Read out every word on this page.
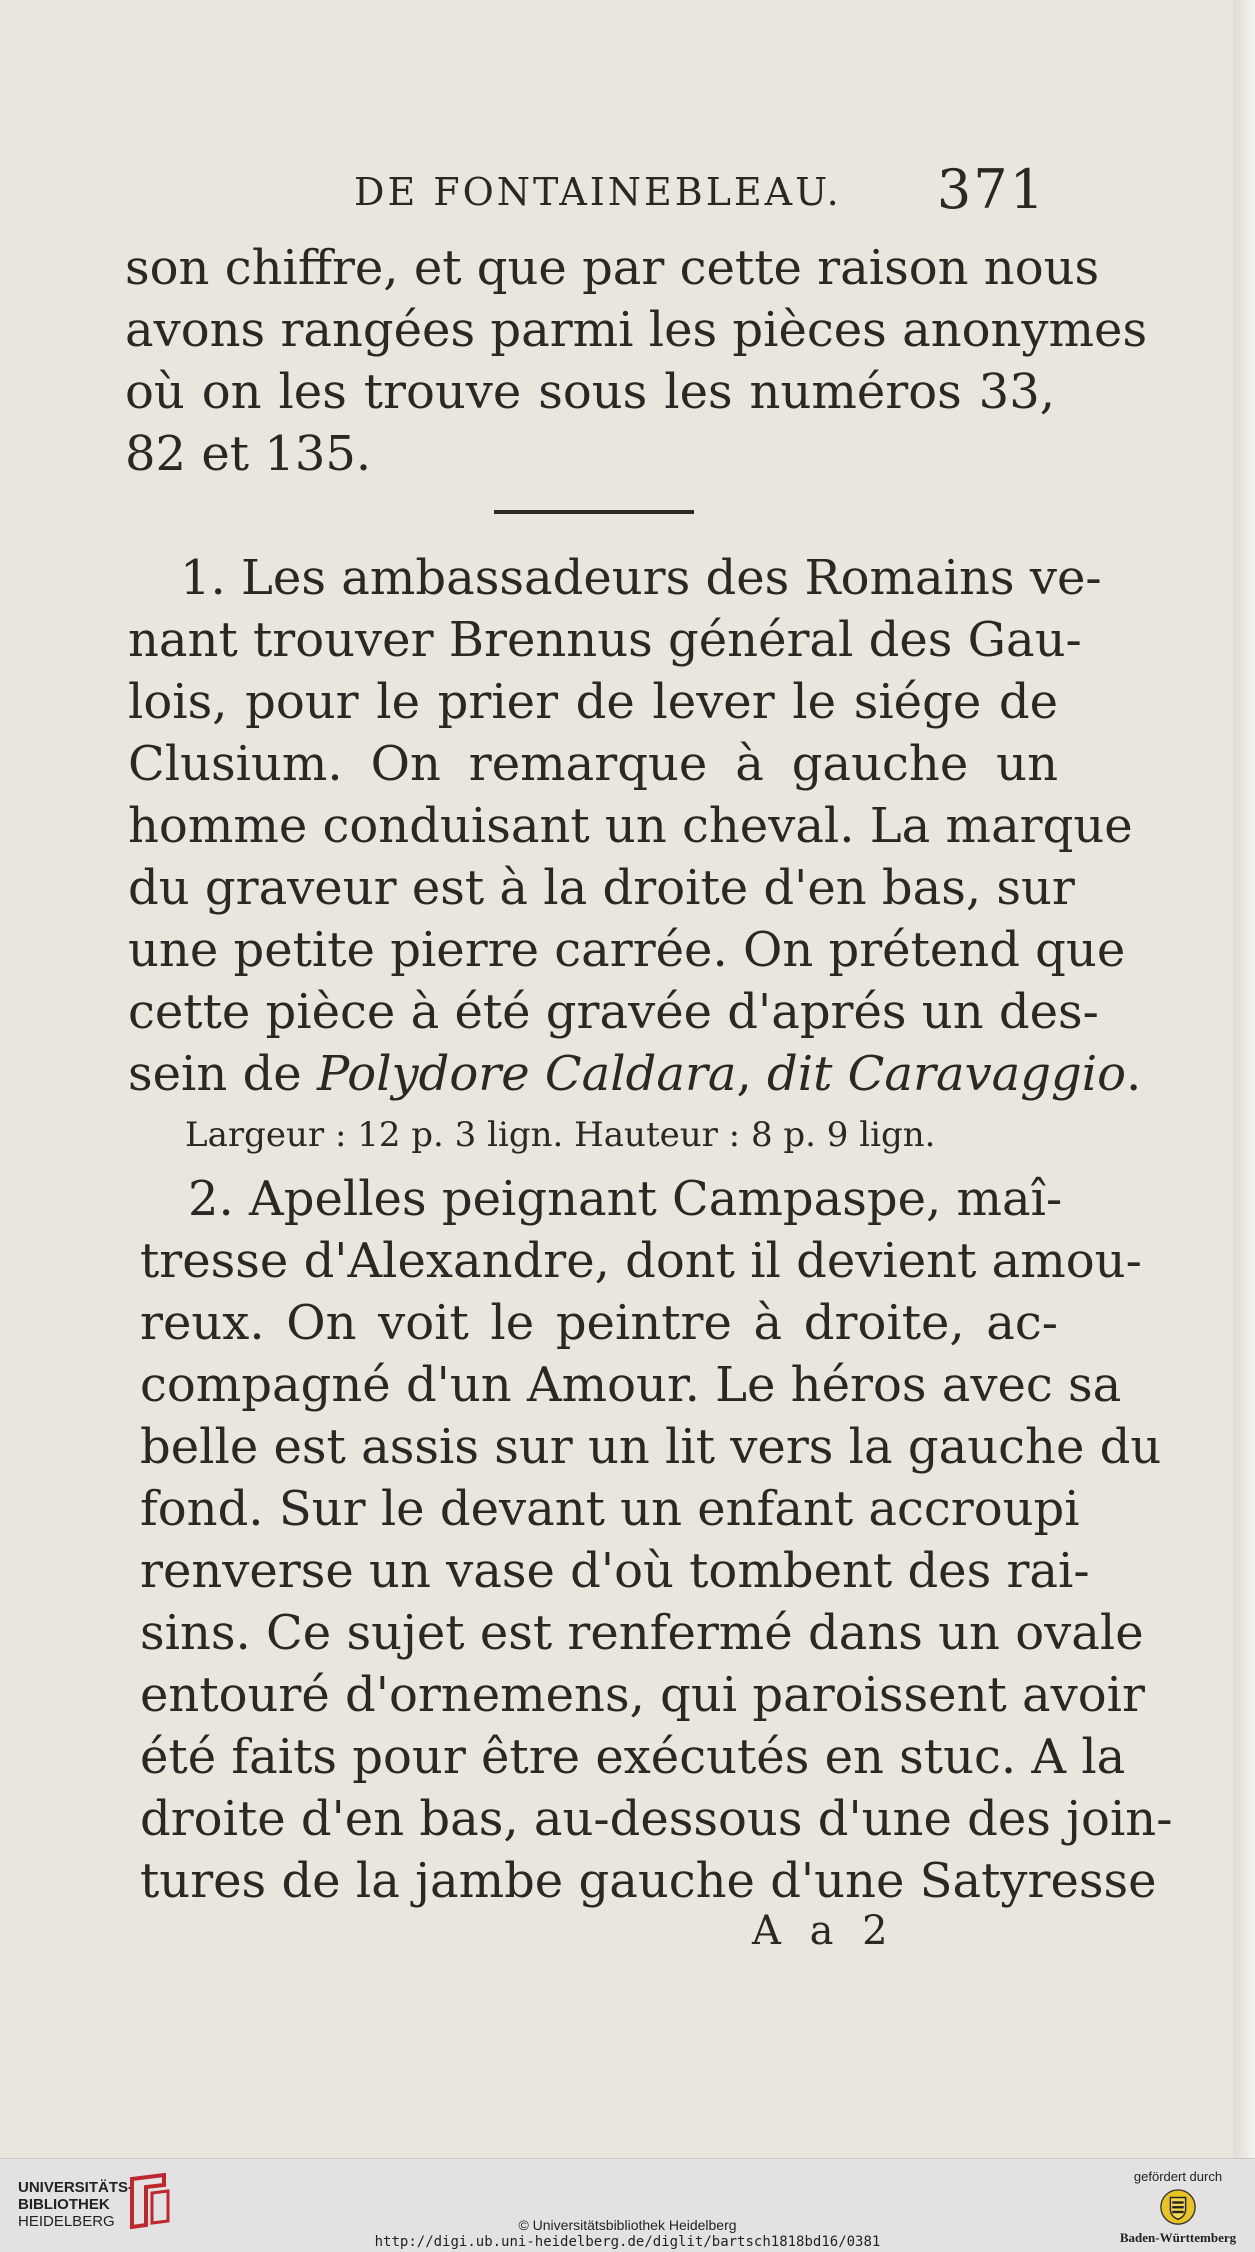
DE FONTAINEBLEAU. 371
son chiffre, et que par cette raison nous
avons rangées parmi les pièces anonymes
où on les trouve sous les numéros 33,
82 et 135.
1. Les ambassadeurs des Romains ve-
nant trouver Brennus général des Gau-
lois, pour le prier de lever le siége de
Clusium. On remarque à gauche un
homme conduisant un cheval. La marque
du graveur est à la droite d'en bas, sur
une petite pierre carrée. On prétend que
cette pièce à été gravée d'aprés un des-
sein de Polydore Caldara, dit Caravaggio.
Largeur : 12 p. 3 lign. Hauteur : 8 p. 9 lign.
2. Apelles peignant Campaspe, maî-
tresse d'Alexandre, dont il devient amou-
reux. On voit le peintre à droite, ac-
compagné d'un Amour. Le héros avec sa
belle est assis sur un lit vers la gauche du
fond. Sur le devant un enfant accroupi
renverse un vase d'où tombent des rai-
sins. Ce sujet est renfermé dans un ovale
entouré d'ornemens, qui paroissent avoir
été faits pour être exécutés en stuc. A la
droite d'en bas, au-dessous d'une des join-
tures de la jambe gauche d'une Satyresse
A a 2
UNIVERSITÄTS-
BIBLIOTHEK
HEIDELBERG	© Universitätsbibliothek Heidelberg
http://digi.ub.uni-heidelberg.de/diglit/bartsch1818bd16/0381
gefördert durch
Baden-Württemberg
